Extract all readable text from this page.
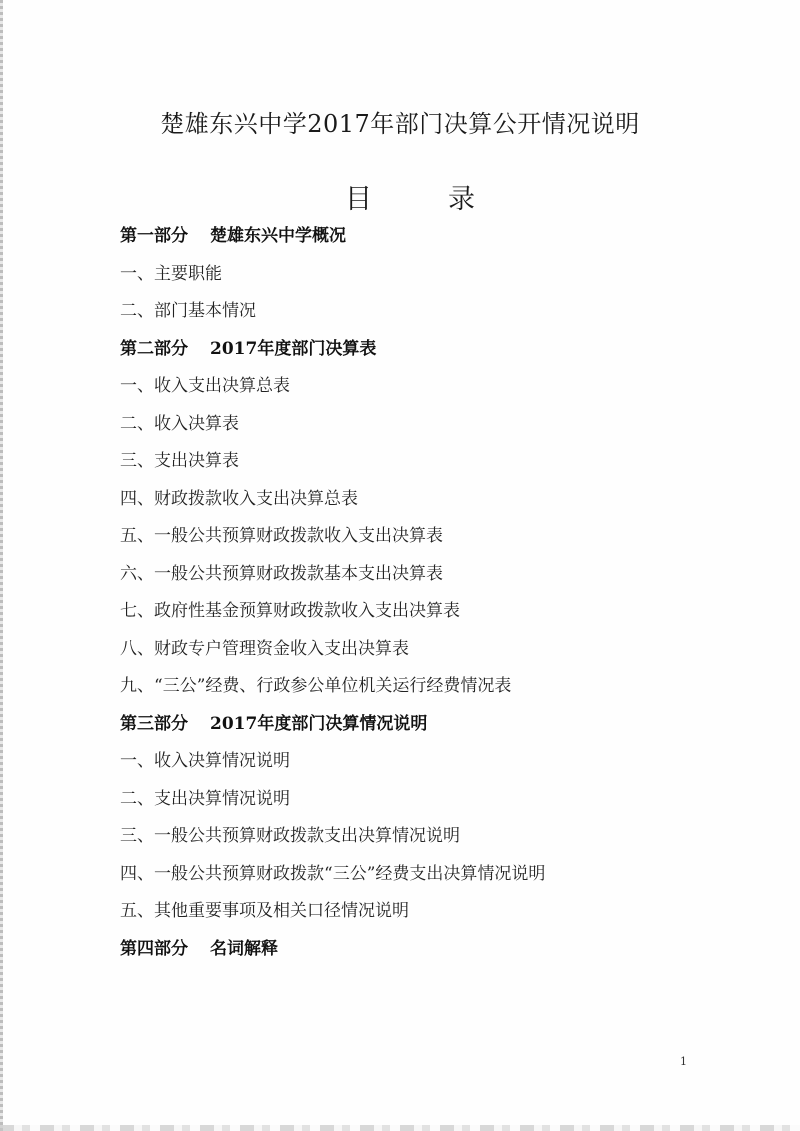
楚雄东兴中学2017年部门决算公开情况说明
目	录
第一部分 楚雄东兴中学概况
一、主要职能
二、部门基本情况
第二部分 2017年度部门决算表
一、收入支出决算总表
二、收入决算表
三、支出决算表
四、财政拨款收入支出决算总表
五、一般公共预算财政拨款收入支出决算表
六、一般公共预算财政拨款基本支出决算表
七、政府性基金预算财政拨款收入支出决算表
八、财政专户管理资金收入支出决算表
九、“三公”经费、行政参公单位机关运行经费情况表
第三部分 2017年度部门决算情况说明
一、收入决算情况说明
二、支出决算情况说明
三、一般公共预算财政拨款支出决算情况说明
四、一般公共预算财政拨款“三公”经费支出决算情况说明
五、其他重要事项及相关口径情况说明
第四部分 名词解释
1
